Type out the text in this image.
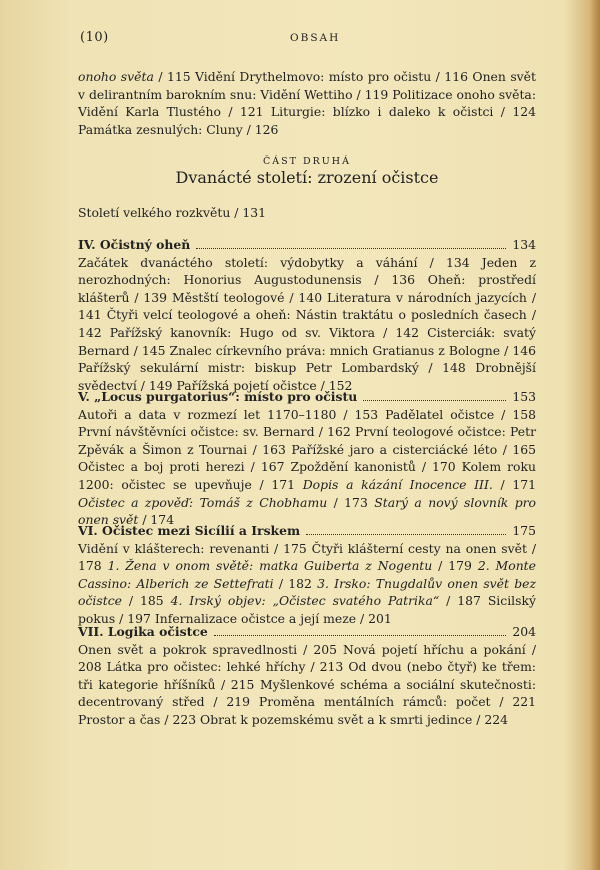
(10)	OBSAH

onoho světa / 115 Vidění Drythelmovo: místo pro očistu / 116 Onen svět v delirantním barokním snu: Vidění Wettiho / 119 Politizace onoho světa: Vidění Karla Tlustého / 121 Liturgie: blízko i daleko k očistci / 124 Památka zesnulých: Cluny / 126

ČÁST DRUHÁ
Dvanácté století: zrození očistce
Století velkého rozkvětu / 131
IV. Očistný oheň	134
Začátek dvanáctého století: výdobytky a váhání / 134 Jeden z nerozhodných: Honorius Augustodunensis / 136 Oheň: prostředí klášterů / 139 Městští teologové / 140 Literatura v národních jazycích / 141 Čtyři velcí teologové a oheň: Nástin traktátu o posledních časech / 142 Pařížský kanovník: Hugo od sv. Viktora / 142 Cisterciák: svatý Bernard / 145 Znalec církevního práva: mnich Gratianus z Bologne / 146 Pařížský sekulární mistr: biskup Petr Lombardský / 148 Drobnější svědectví / 149 Pařížská pojetí očistce / 152
V. „Locus purgatorius“: místo pro očistu	153
Autoři a data v rozmezí let 1170–1180 / 153 Padělatel očistce / 158 První návštěvníci očistce: sv. Bernard / 162 První teologové očistce: Petr Zpěvák a Šimon z Tournai / 163 Pařížské jaro a cisterciácké léto / 165 Očistec a boj proti herezi / 167 Zpoždění kanonistů / 170 Kolem roku 1200: očistec se upevňuje / 171 Dopis a kázání Inocence III. / 171 Očistec a zpověď: Tomáš z Chobhamu / 173 Starý a nový slovník pro onen svět / 174
VI. Očistec mezi Sicílií a Irskem	175
Vidění v klášterech: revenanti / 175 Čtyři klášterní cesty na onen svět / 178 1. Žena v onom světě: matka Guiberta z Nogentu / 179 2. Monte Cassino: Alberich ze Settefrati / 182 3. Irsko: Tnugdalův onen svět bez očistce / 185 4. Irský objev: „Očistec svatého Patrika“ / 187 Sicilský pokus / 197 Infernalizace očistce a její meze / 201
VII. Logika očistce	204
Onen svět a pokrok spravedlnosti / 205 Nová pojetí hříchu a pokání / 208 Látka pro očistec: lehké hříchy / 213 Od dvou (nebo čtyř) ke třem: tři kategorie hříšníků / 215 Myšlenkové schéma a sociální skutečnosti: decentrovaný střed / 219 Proměna mentálních rámců: počet / 221 Prostor a čas / 223 Obrat k pozemskému svět a k smrti jedince / 224
